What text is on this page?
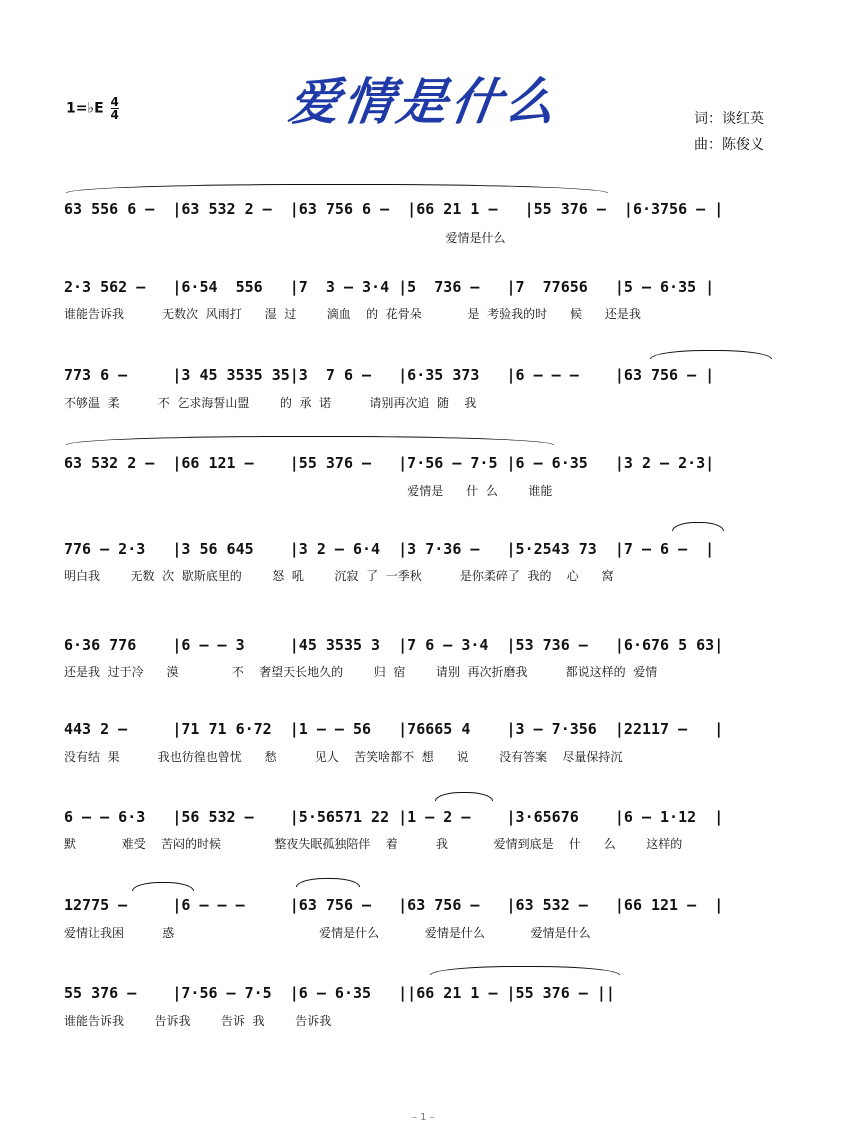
爱情是什么
1=♭E $\frac{4}{4}$	词：谈红英
曲：陈俊义
63 556 6 –  |63 532 2 –  |63 756 6 –  |66 21 1 –   |55 376 –  |6·3756 – |
爱情是什么
2·3 562 –   |6·54  556   |7  3 – 3·4 |5  736 –   |7  77656   |5 – 6·35 |
谁能告诉我          无数次  风雨打      湿  过        滴血    的  花骨朵            是  考验我的时      候      还是我
773 6 –     |3 45 3535 35|3  7 6 –   |6·35 373   |6 – – –    |63 756 – |
不够温  柔          不  乞求海誓山盟        的  承  诺          请别再次追  随    我
63 532 2 –  |66 121 –    |55 376 –   |7·56 – 7·5 |6 – 6·35   |3 2 – 2·3|
爱情是      什  么        谁能
776 – 2·3   |3 56 645    |3 2 – 6·4  |3 7·36 –   |5·2543 73  |7 – 6 –  |
明白我        无数  次  歇斯底里的        怒  吼        沉寂  了  一季秋          是你柔碎了  我的    心      窝
6·36 776    |6 – – 3     |45 3535 3  |7 6 – 3·4  |53 736 –   |6·676 5 63|
还是我  过于冷      漠              不    奢望天长地久的        归  宿        请别  再次折磨我          都说这样的  爱情
443 2 –     |71 71 6·72  |1 – – 56   |76665 4    |3 – 7·356  |22117 –   |
没有结  果          我也彷徨也曾忧      愁          见人    苦笑啥都不  想      说        没有答案    尽量保持沉
6 – – 6·3   |56 532 –    |5·56571 22 |1 – 2 –    |3·65676    |6 – 1·12  |
默            难受    苦闷的时候              整夜失眠孤独陪伴    着          我            爱情到底是    什      么        这样的
12775 –     |6 – – –     |63 756 –   |63 756 –   |63 532 –   |66 121 –  |
爱情让我困          惑                                      爱情是什么            爱情是什么            爱情是什么
55 376 –    |7·56 – 7·5  |6 – 6·35   ||66 21 1 – |55 376 – ||
谁能告诉我        告诉我        告诉  我        告诉我
– 1 –
